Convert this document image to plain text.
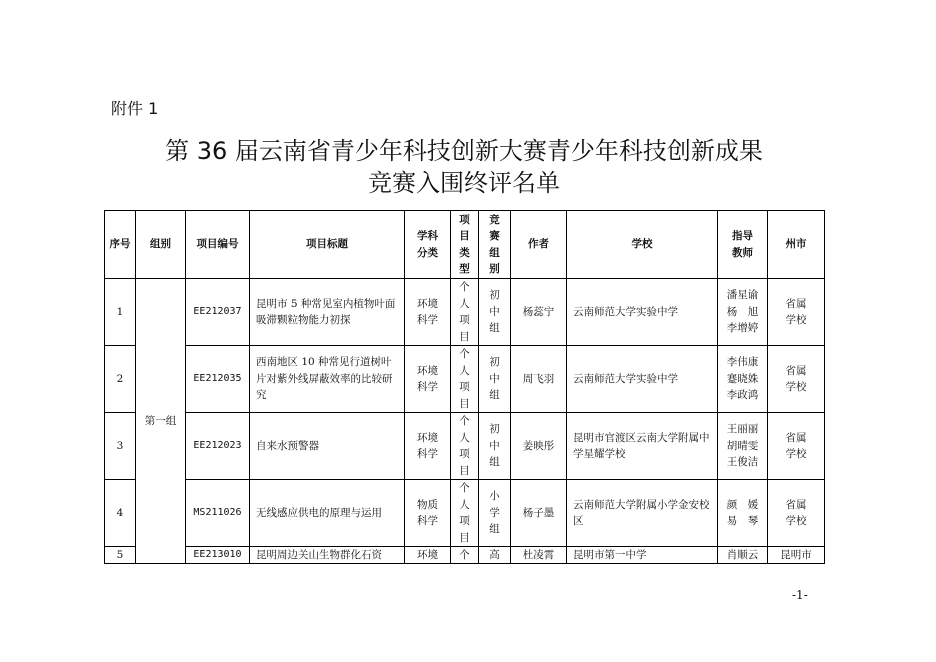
附件 1
第 36 届云南省青少年科技创新大赛青少年科技创新成果
竞赛入围终评名单
序号	组别	项目编号	项目标题	学科分类	项目类型	竞赛组别	作者	学校	指导教师	州市
1	第一组	EE212037	昆明市 5 种常见室内植物叶面吸滞颗粒物能力初探	环境科学	个人项目	初中组	杨蕊宁	云南师范大学实验中学	潘星谕
杨　旭
李增婷	省属学校

2		EE212035	西南地区 10 种常见行道树叶片对紫外线屏蔽效率的比较研究	环境科学	个人项目	初中组	周飞羽	云南师范大学实验中学	李伟康
蹇晓姝
李政鸿	省属学校

3		EE212023	自来水预警器	环境科学	个人项目	初中组	姜映彤	昆明市官渡区云南大学附属中学星耀学校	王丽丽
胡晴雯
王俊洁	省属学校

4		MS211026	无线感应供电的原理与运用	物质科学	个人项目	小学组	杨子墨	云南师范大学附属小学金安校区	颜　媛
易　琴	省属学校

5		EE213010	昆明周边关山生物群化石资	环境	个	高	杜凌霄	昆明市第一中学	肖顺云	昆明市
-1-
